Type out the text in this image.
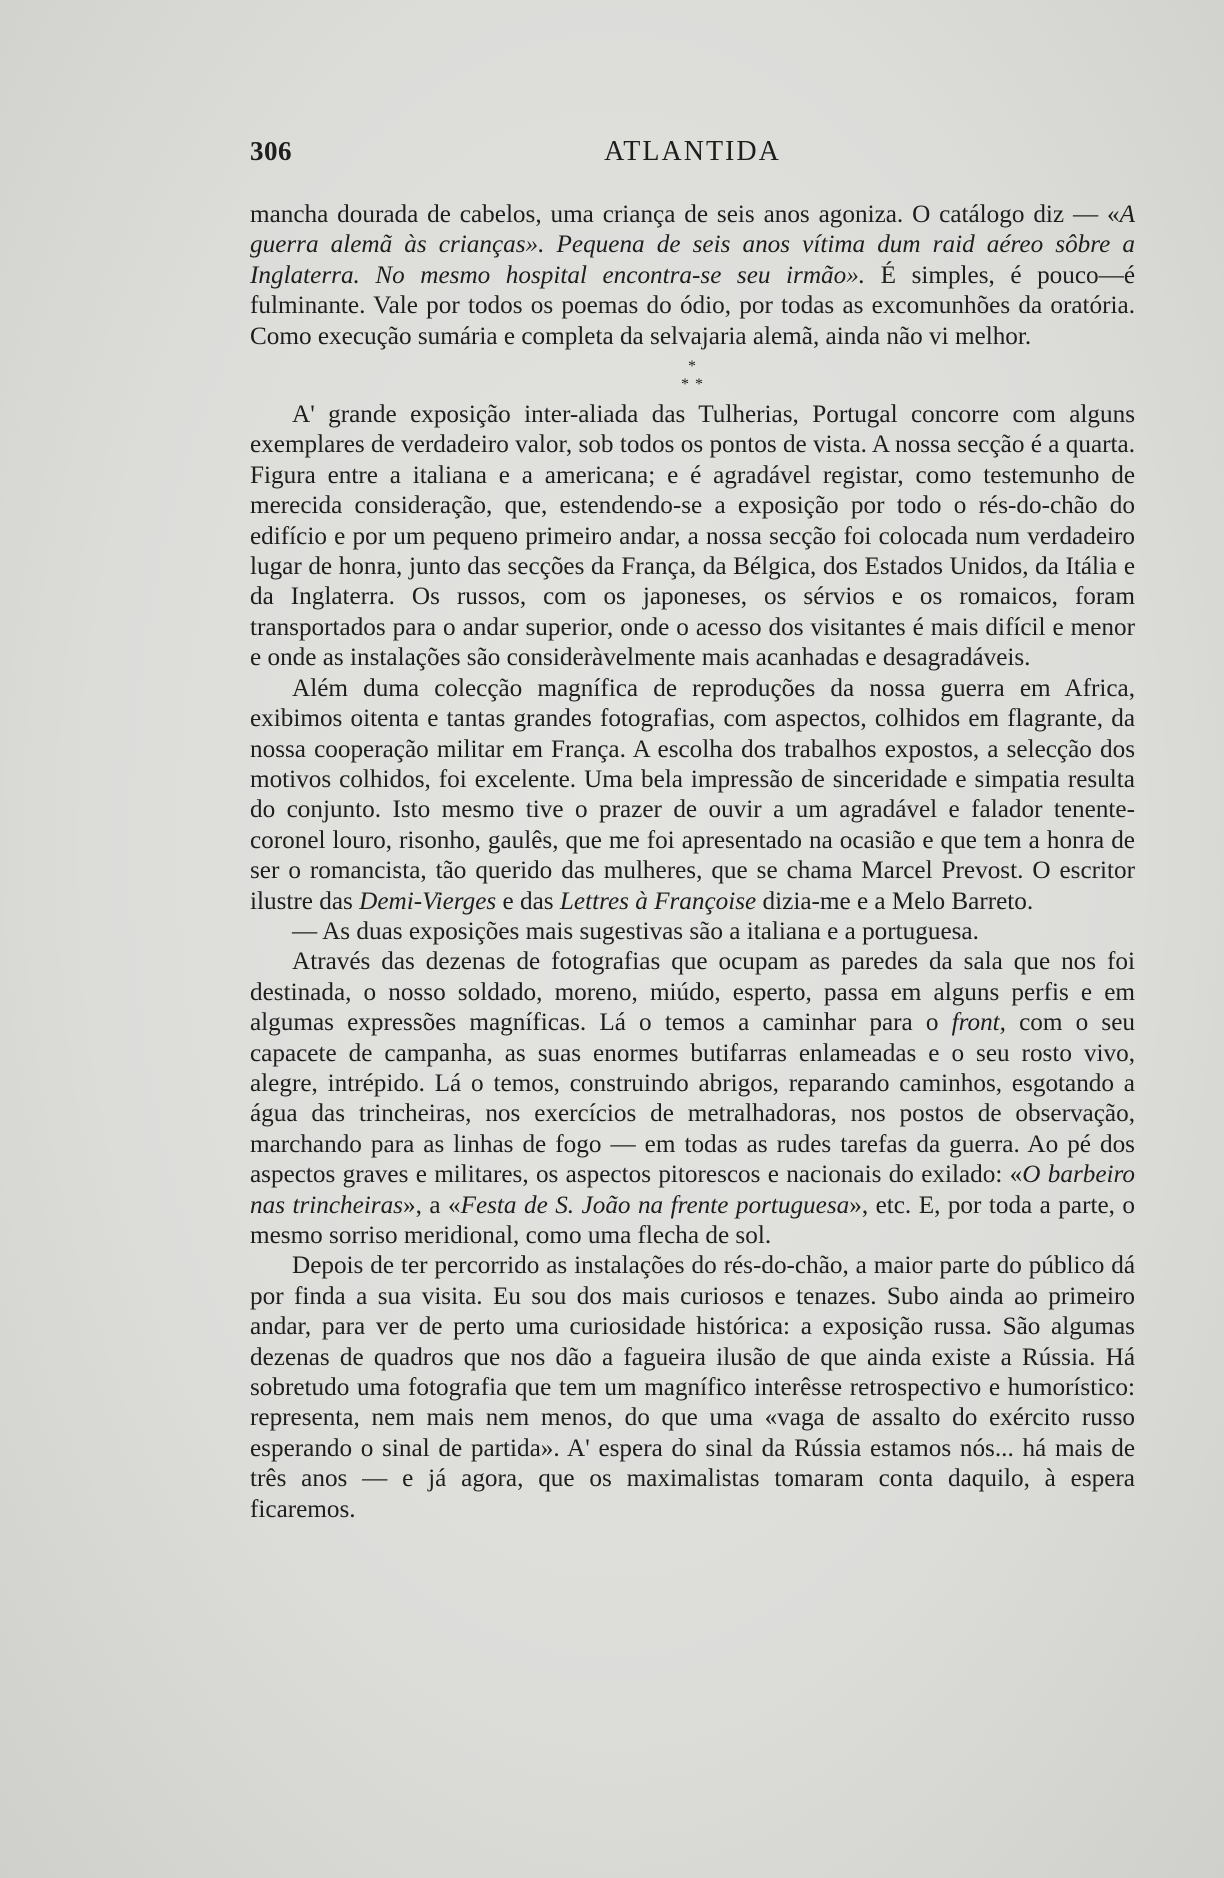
306	ATLANTIDA

mancha dourada de cabelos, uma criança de seis anos agoniza. O catálogo diz — «A guerra alemã às crianças». Pequena de seis anos vítima dum raid aéreo sôbre a Inglaterra. No mesmo hospital encontra-se seu irmão». É simples, é pouco—é fulminante. Vale por todos os poemas do ódio, por todas as excomunhões da oratória. Como execução sumária e completa da selvajaria alemã, ainda não vi melhor.

*
* *

A' grande exposição inter-aliada das Tulherias, Portugal concorre com alguns exemplares de verdadeiro valor, sob todos os pontos de vista. A nossa secção é a quarta. Figura entre a italiana e a americana; e é agradável registar, como testemunho de merecida consideração, que, estendendo-se a exposição por todo o rés-do-chão do edifício e por um pequeno primeiro andar, a nossa secção foi colocada num verdadeiro lugar de honra, junto das secções da França, da Bélgica, dos Estados Unidos, da Itália e da Inglaterra. Os russos, com os japoneses, os sérvios e os romaicos, foram transportados para o andar superior, onde o acesso dos visitantes é mais difícil e menor e onde as instalações são consideràvelmente mais acanhadas e desagradáveis.

Além duma colecção magnífica de reproduções da nossa guerra em Africa, exibimos oitenta e tantas grandes fotografias, com aspectos, colhidos em flagrante, da nossa cooperação militar em França. A escolha dos trabalhos expostos, a selecção dos motivos colhidos, foi excelente. Uma bela impressão de sinceridade e simpatia resulta do conjunto. Isto mesmo tive o prazer de ouvir a um agradável e falador tenente-coronel louro, risonho, gaulês, que me foi apresentado na ocasião e que tem a honra de ser o romancista, tão querido das mulheres, que se chama Marcel Prevost. O escritor ilustre das Demi-Vierges e das Lettres à Françoise dizia-me e a Melo Barreto.

— As duas exposições mais sugestivas são a italiana e a portuguesa.

Através das dezenas de fotografias que ocupam as paredes da sala que nos foi destinada, o nosso soldado, moreno, miúdo, esperto, passa em alguns perfis e em algumas expressões magníficas. Lá o temos a caminhar para o front, com o seu capacete de campanha, as suas enormes butifarras enlameadas e o seu rosto vivo, alegre, intrépido. Lá o temos, construindo abrigos, reparando caminhos, esgotando a água das trincheiras, nos exercícios de metralhadoras, nos postos de observação, marchando para as linhas de fogo — em todas as rudes tarefas da guerra. Ao pé dos aspectos graves e militares, os aspectos pitorescos e nacionais do exilado: «O barbeiro nas trincheiras», a «Festa de S. João na frente portuguesa», etc. E, por toda a parte, o mesmo sorriso meridional, como uma flecha de sol.

Depois de ter percorrido as instalações do rés-do-chão, a maior parte do público dá por finda a sua visita. Eu sou dos mais curiosos e tenazes. Subo ainda ao primeiro andar, para ver de perto uma curiosidade histórica: a exposição russa. São algumas dezenas de quadros que nos dão a fagueira ilusão de que ainda existe a Rússia. Há sobretudo uma fotografia que tem um magnífico interêsse retrospectivo e humorístico: representa, nem mais nem menos, do que uma «vaga de assalto do exército russo esperando o sinal de partida». A' espera do sinal da Rússia estamos nós... há mais de três anos — e já agora, que os maximalistas tomaram conta daquilo, à espera ficaremos.
